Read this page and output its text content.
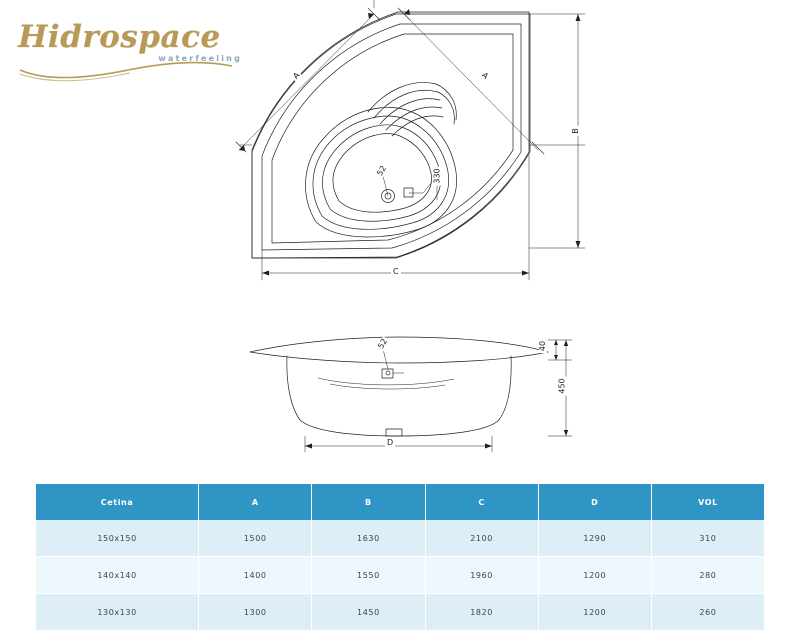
Hidrospace
waterfeeling
A	A
B
C
52	330
D
52	40
450
Cetina	A	B	C	D	VOL
150x150	1500	1630	2100	1290	310
140x140	1400	1550	1960	1200	280
130x130	1300	1450	1820	1200	260
